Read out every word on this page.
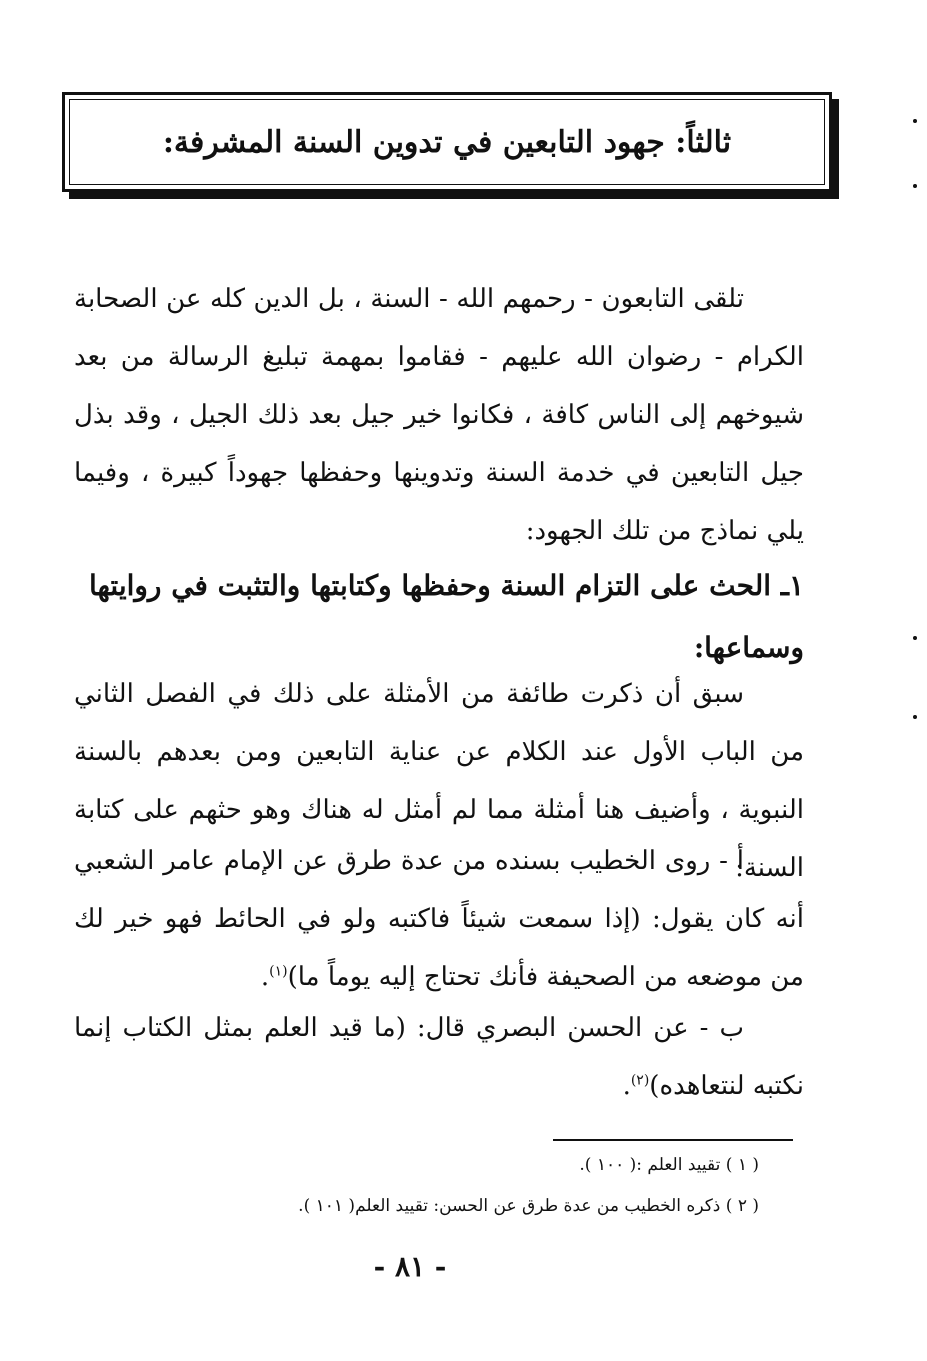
ثالثاً: جهود التابعين في تدوين السنة المشرفة:
تلقى التابعون - رحمهم الله - السنة ، بل الدين كله عن الصحابة الكرام - رضوان الله عليهم - فقاموا بمهمة تبليغ الرسالة من بعد شيوخهم إلى الناس كافة ، فكانوا خير جيل بعد ذلك الجيل ، وقد بذل جيل التابعين في خدمة السنة وتدوينها وحفظها جهوداً كبيرة ، وفيما يلي نماذج من تلك الجهود:
١ـ الحث على التزام السنة وحفظها وكتابتها والتثبت في روايتها وسماعها:
سبق أن ذكرت طائفة من الأمثلة على ذلك في الفصل الثاني من الباب الأول عند الكلام عن عناية التابعين ومن بعدهم بالسنة النبوية ، وأضيف هنا أمثلة مما لم أمثل له هناك وهو حثهم على كتابة السنة:
أ - روى الخطيب بسنده من عدة طرق عن الإمام عامر الشعبي أنه كان يقول: (إذا سمعت شيئاً فاكتبه ولو في الحائط فهو خير لك من موضعه من الصحيفة فأنك تحتاج إليه يوماً ما)$^{(١)}$.
ب - عن الحسن البصري قال: (ما قيد العلم بمثل الكتاب إنما نكتبه لنتعاهده)$^{(٢)}$.
( ١ ) تقييد العلم :( ١٠٠ ).
( ٢ ) ذكره الخطيب من عدة طرق عن الحسن: تقييد العلم( ١٠١ ).
- ٨١ -
